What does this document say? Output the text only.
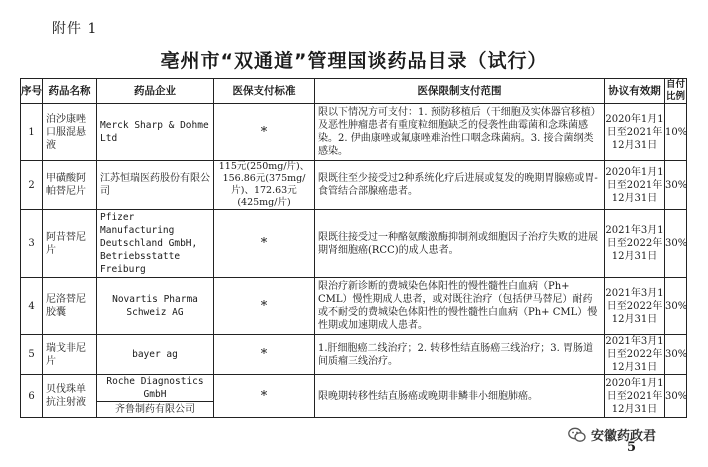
附件 1
亳州市“双通道”管理国谈药品目录（试行）
序号	药品名称	药品企业	医保支付标准	医保限制支付范围	协议有效期	自付比例
1	泊沙康唑口服混悬液	Merck Sharp & Dohme Ltd	*	限以下情况方可支付：1. 预防移植后（干细胞及实体器官移植）及恶性肿瘤患者有重度粒细胞缺乏的侵袭性曲霉菌和念珠菌感染。2. 伊曲康唑或氟康唑难治性口咽念珠菌病。3. 接合菌纲类感染。	2020年1月1日至2021年12月31日	10%
2	甲磺酸阿帕替尼片	江苏恒瑞医药股份有限公司	115元(250mg/片)、156.86元(375mg/片)、172.63元(425mg/片)	限既往至少接受过2种系统化疗后进展或复发的晚期胃腺癌或胃-食管结合部腺癌患者。	2020年1月1日至2021年12月31日	30%
3	阿昔替尼片	Pfizer Manufacturing Deutschland GmbH, Betriebsstatte Freiburg	*	限既往接受过一种酪氨酸激酶抑制剂或细胞因子治疗失败的进展期肾细胞癌(RCC)的成人患者。	2021年3月1日至2022年12月31日	30%
4	尼洛替尼胶囊	Novartis Pharma Schweiz AG	*	限治疗新诊断的费城染色体阳性的慢性髓性白血病（Ph+ CML）慢性期成人患者，或对既往治疗（包括伊马替尼）耐药或不耐受的费城染色体阳性的慢性髓性白血病（Ph+ CML）慢性期或加速期成人患者。	2021年3月1日至2022年12月31日	30%
5	瑞戈非尼片	bayer ag	*	1.肝细胞癌二线治疗；2. 转移性结直肠癌三线治疗；3. 胃肠道间质瘤三线治疗。	2021年3月1日至2022年12月31日	30%
6	贝伐珠单抗注射液	Roche Diagnostics GmbH	*	限晚期转移性结直肠癌或晚期非鳞非小细胞肺癌。	2020年1月1日至2021年12月31日	30%
		齐鲁制药有限公司				
安徽药政君
5
